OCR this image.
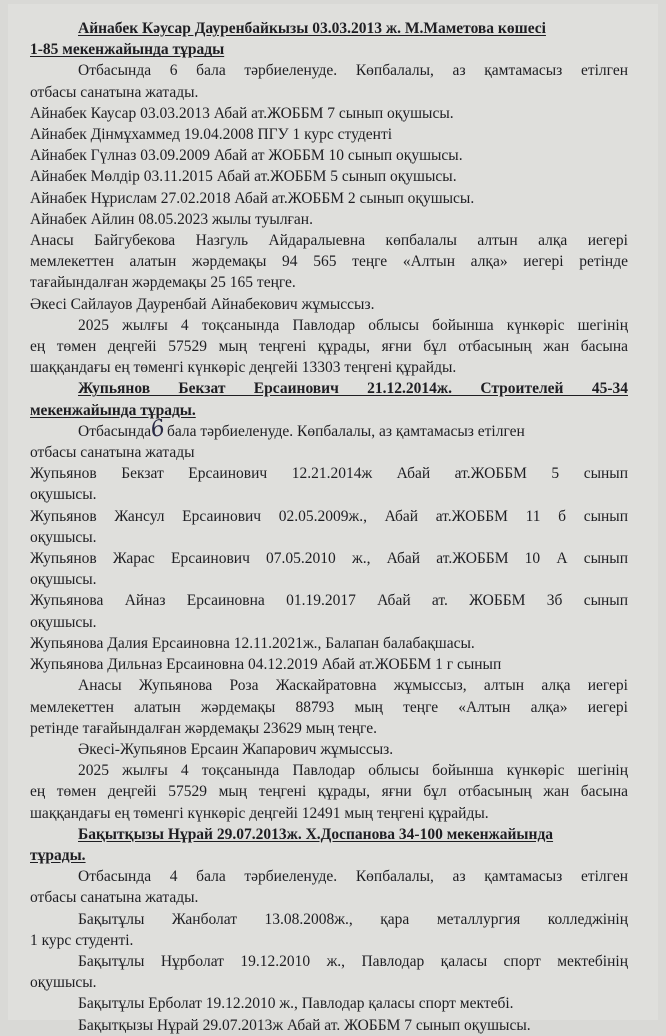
Айнабек Кәусар Дауренбайкызы 03.03.2013 ж. М.Маметова көшесі

1-85 мекенжайында тұрады

Отбасында 6 бала тәрбиеленуде. Көпбалалы, аз қамтамасыз етілген

отбасы санатына жатады.

Айнабек Каусар 03.03.2013 Абай ат.ЖОББМ 7 сынып оқушысы.

Айнабек Дінмұхаммед 19.04.2008 ПГУ 1 курс студенті

Айнабек Гүлназ 03.09.2009 Абай ат ЖОББМ 10 сынып оқушысы.

Айнабек Мөлдір 03.11.2015 Абай ат.ЖОББМ 5 сынып оқушысы.

Айнабек Нұрислам 27.02.2018 Абай ат.ЖОББМ 2 сынып оқушысы.

Айнабек Айлин 08.05.2023 жылы туылған.

Анасы Байгубекова Назгуль Айдаралыевна көпбалалы алтын алқа иегері

мемлекеттен алатын жәрдемақы 94 565 теңге «Алтын алқа» иегері ретінде

тағайындалған жәрдемақы 25 165 теңге.

Әкесі Сайлауов Дауренбай Айнабекович жұмыссыз.

2025 жылғы 4 тоқсанында Павлодар облысы бойынша күнкөріс шегінің

ең төмен деңгейі 57529 мың теңгені құрады, яғни бұл отбасының жан басына

шаққандағы ең төменгі күнкөріс деңгейі 13303 теңгені құрайды.

Жупьянов Бекзат Ерсаинович 21.12.2014ж. Строителей 45-34

мекенжайында тұрады.

Отбасында6 бала тәрбиеленуде. Көпбалалы, аз қамтамасыз етілген

отбасы санатына жатады

Жупьянов Бекзат Ерсаинович 12.21.2014ж Абай ат.ЖОББМ 5 сынып

оқушысы.

Жупьянов Жансул Ерсаинович 02.05.2009ж., Абай ат.ЖОББМ 11 б сынып

оқушысы.

Жупьянов Жарас Ерсаинович 07.05.2010 ж., Абай ат.ЖОББМ 10 А сынып

оқушысы.

Жупьянова Айназ Ерсаиновна 01.19.2017 Абай ат. ЖОББМ 3б сынып

оқушысы.

Жупьянова Далия Ерсаиновна 12.11.2021ж., Балапан балабақшасы.

Жупьянова Дильназ Ерсаиновна 04.12.2019 Абай ат.ЖОББМ 1 г сынып

Анасы Жупьянова Роза Жаскайратовна жұмыссыз, алтын алқа иегері

мемлекеттен алатын жәрдемақы 88793 мың теңге «Алтын алқа» иегері

ретінде тағайындалған жәрдемақы 23629 мың теңге.

Әкесі-Жупьянов Ерсаин Жапарович жұмыссыз.

2025 жылғы 4 тоқсанында Павлодар облысы бойынша күнкөріс шегінің

ең төмен деңгейі 57529 мың теңгені құрады, яғни бұл отбасының жан басына

шаққандағы ең төменгі күнкөріс деңгейі 12491 мың теңгені құрайды.

Бақытқызы Нұрай 29.07.2013ж. Х.Доспанова 34-100 мекенжайында

тұрады.

Отбасында 4 бала тәрбиеленуде. Көпбалалы, аз қамтамасыз етілген

отбасы санатына жатады.

Бақытұлы Жанболат 13.08.2008ж., қара металлургия колледжінің

1 курс студенті.

Бақытұлы Нұрболат 19.12.2010 ж., Павлодар қаласы спорт мектебінің

оқушысы.

Бақытұлы Ерболат 19.12.2010 ж., Павлодар қаласы спорт мектебі.

Бақытқызы Нұрай 29.07.2013ж Абай ат. ЖОББМ 7 сынып оқушысы.
